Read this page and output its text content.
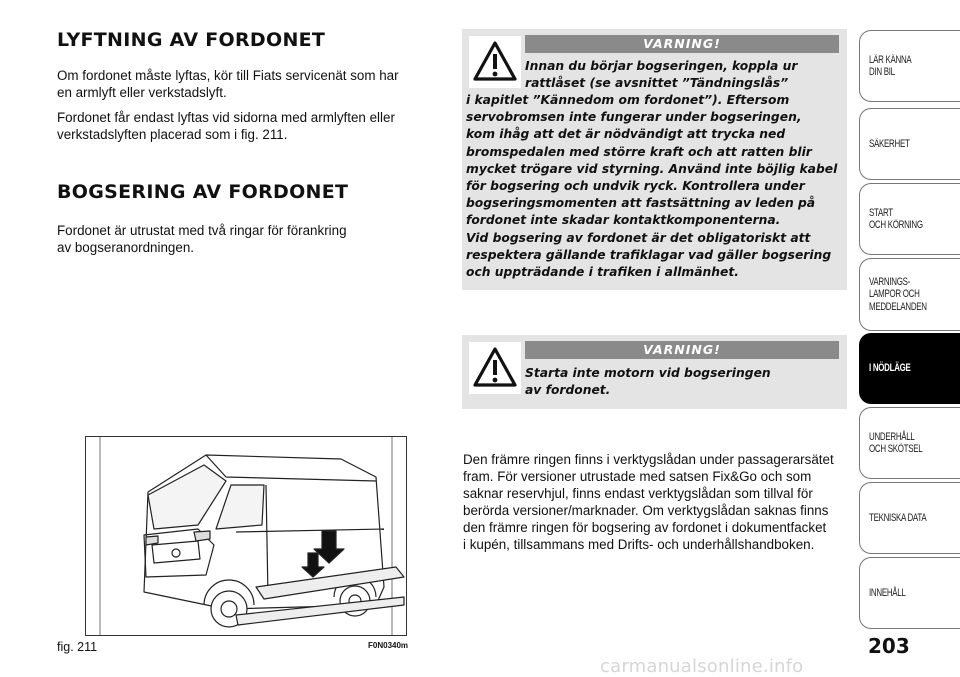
LYFTNING AV FORDONET
Om fordonet måste lyftas, kör till Fiats servicenät som har
en armlyft eller verkstadslyft.
Fordonet får endast lyftas vid sidorna med armlyften eller
verkstadslyften placerad som i fig. 211.
BOGSERING AV FORDONET
Fordonet är utrustat med två ringar för förankring
av bogseranordningen.
VARNING!
Innan du börjar bogseringen, koppla ur
rattlåset (se avsnittet ”Tändningslås”
i kapitlet ”Kännedom om fordonet”). Eftersom
servobromsen inte fungerar under bogseringen,
kom ihåg att det är nödvändigt att trycka ned
bromspedalen med större kraft och att ratten blir
mycket trögare vid styrning. Använd inte böjlig kabel
för bogsering och undvik ryck. Kontrollera under
bogseringsmomenten att fastsättning av leden på
fordonet inte skadar kontaktkomponenterna.
Vid bogsering av fordonet är det obligatoriskt att
respektera gällande trafiklagar vad gäller bogsering
och uppträdande i trafiken i allmänhet.
VARNING!
Starta inte motorn vid bogseringen
av fordonet.
Den främre ringen finns i verktygslådan under passagerarsätet
fram. För versioner utrustade med satsen Fix&Go och som
saknar reservhjul, finns endast verktygslådan som tillval för
berörda versioner/marknader. Om verktygslådan saknas finns
den främre ringen för bogsering av fordonet i dokumentfacket
i kupén, tillsammans med Drifts- och underhållshandboken.
fig. 211	F0N0340m
LÄR KÄNNA
DIN BIL
SÄKERHET
START
OCH KÖRNING
VARNINGS-
LAMPOR OCH
MEDDELANDEN
I NÖDLÄGE
UNDERHÅLL
OCH SKÖTSEL
TEKNISKA DATA
INNEHÅLL
203
carmanualsonline.info
